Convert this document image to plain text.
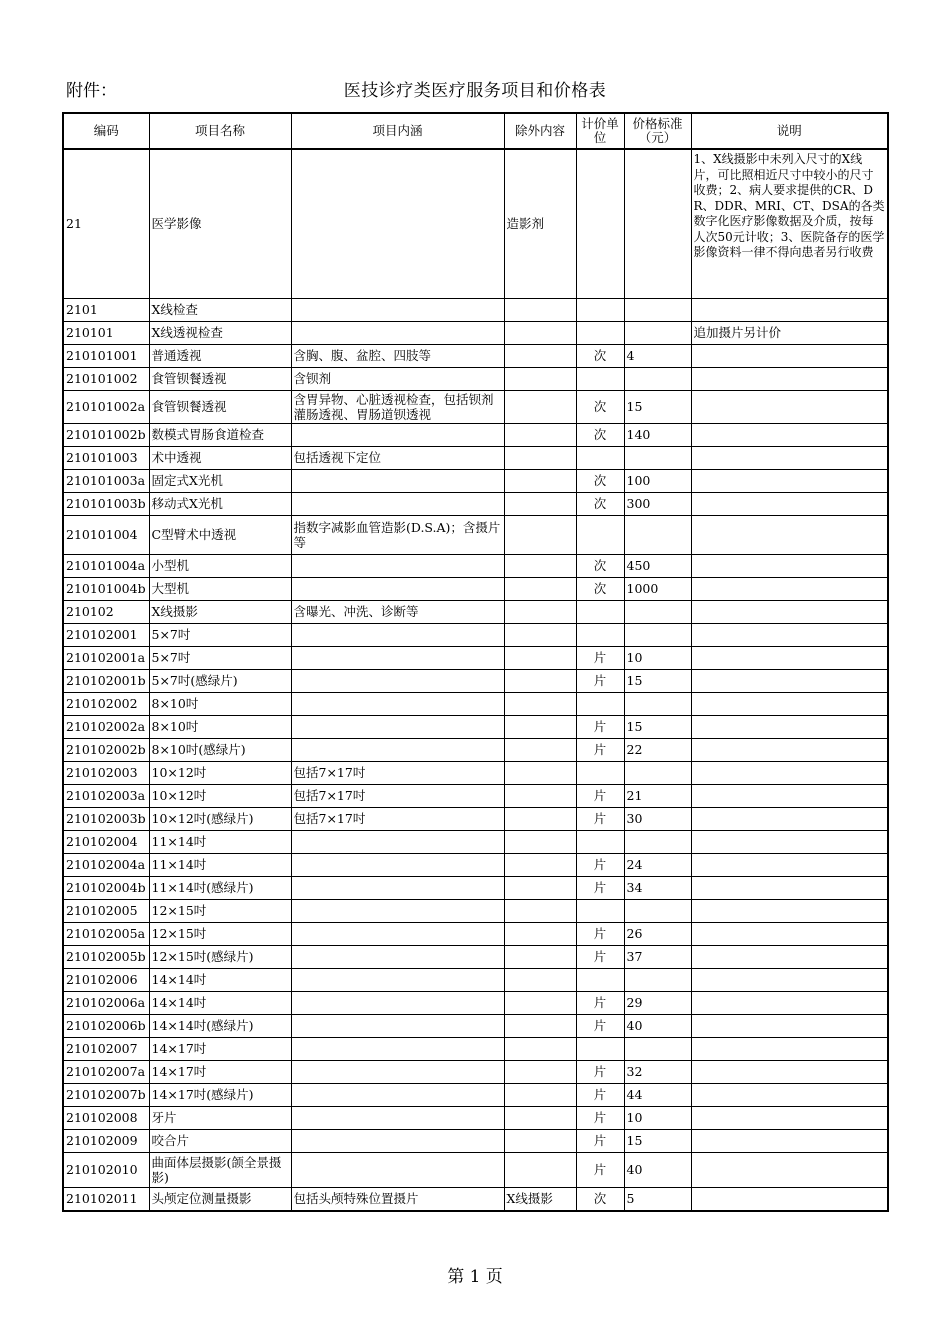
附件：	医技诊疗类医疗服务项目和价格表
编码	项目名称	项目内涵	除外内容	计价单位	价格标准（元）	说明
21	医学影像		造影剂			1、X线摄影中未列入尺寸的X线片，可比照相近尺寸中较小的尺寸收费；2、病人要求提供的CR、DR、DDR、MRI、CT、DSA的各类数字化医疗影像数据及介质，按每人次50元计收；3、医院备存的医学影像资料一律不得向患者另行收费
2101	X线检查					
210101	X线透视检查					追加摄片另计价
210101001	普通透视	含胸、腹、盆腔、四肢等		次	4	
210101002	食管钡餐透视	含钡剂				
210101002a	食管钡餐透视	含胃异物、心脏透视检查，包括钡剂灌肠透视、胃肠道钡透视		次	15	
210101002b	数模式胃肠食道检查			次	140	
210101003	术中透视	包括透视下定位				
210101003a	固定式X光机			次	100	
210101003b	移动式X光机			次	300	
210101004	C型臂术中透视	指数字减影血管造影(D.S.A)；含摄片等				
210101004a	小型机			次	450	
210101004b	大型机			次	1000	
210102	X线摄影	含曝光、冲洗、诊断等				
210102001	5×7吋					
210102001a	5×7吋			片	10	
210102001b	5×7吋(感绿片)			片	15	
210102002	8×10吋					
210102002a	8×10吋			片	15	
210102002b	8×10吋(感绿片)			片	22	
210102003	10×12吋	包括7×17吋				
210102003a	10×12吋	包括7×17吋		片	21	
210102003b	10×12吋(感绿片)	包括7×17吋		片	30	
210102004	11×14吋					
210102004a	11×14吋			片	24	
210102004b	11×14吋(感绿片)			片	34	
210102005	12×15吋					
210102005a	12×15吋			片	26	
210102005b	12×15吋(感绿片)			片	37	
210102006	14×14吋					
210102006a	14×14吋			片	29	
210102006b	14×14吋(感绿片)			片	40	
210102007	14×17吋					
210102007a	14×17吋			片	32	
210102007b	14×17吋(感绿片)			片	44	
210102008	牙片			片	10	
210102009	咬合片			片	15	
210102010	曲面体层摄影(颌全景摄影)			片	40	
210102011	头颅定位测量摄影	包括头颅特殊位置摄片	X线摄影	次	5	
第 1 页
